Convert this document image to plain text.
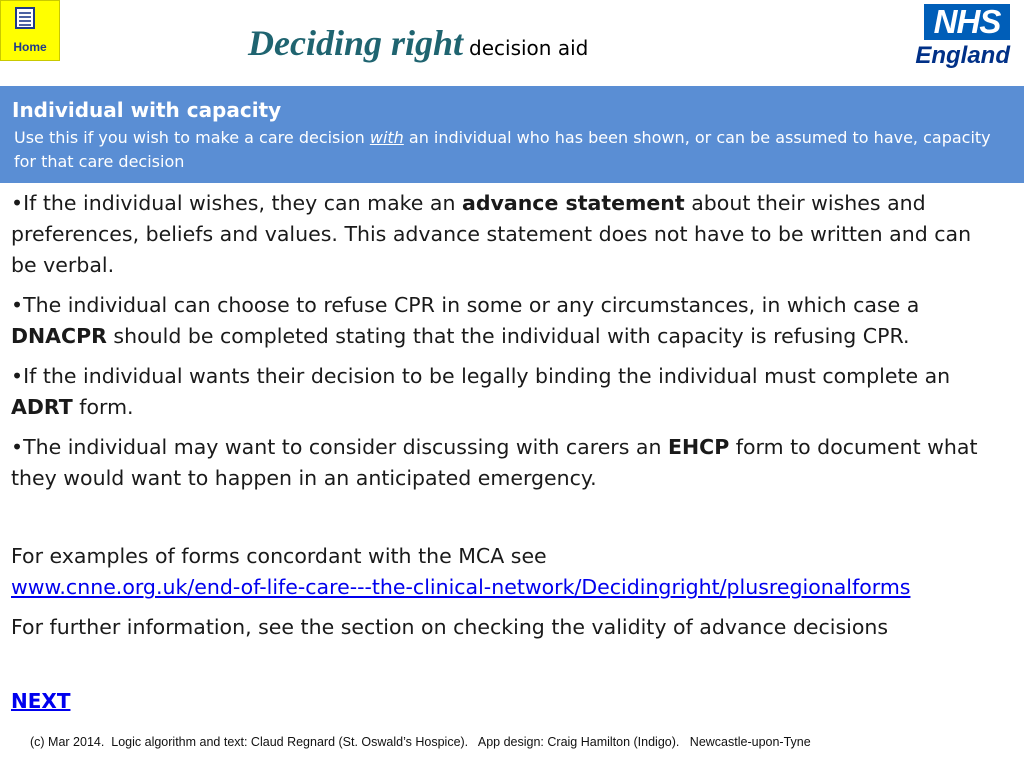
Home	Deciding right decision aid
NHS
England
Individual with capacity
Use this if you wish to make a care decision with an individual who has been shown, or can be assumed to have, capacity for that care decision
•If the individual wishes, they can make an advance statement about their wishes and preferences, beliefs and values. This advance statement does not have to be written and can be verbal.
•The individual can choose to refuse CPR in some or any circumstances, in which case a DNACPR should be completed stating that the individual with capacity is refusing CPR.
•If the individual wants their decision to be legally binding the individual must complete an ADRT form.
•The individual may want to consider discussing with carers an EHCP form to document what they would want to happen in an anticipated emergency.
For examples of forms concordant with the MCA see
www.cnne.org.uk/end-of-life-care---the-clinical-network/Decidingright/plusregionalforms
For further information, see the section on checking the validity of advance decisions
NEXT
(c) Mar 2014.  Logic algorithm and text: Claud Regnard (St. Oswald’s Hospice).   App design: Craig Hamilton (Indigo).   Newcastle-upon-Tyne
